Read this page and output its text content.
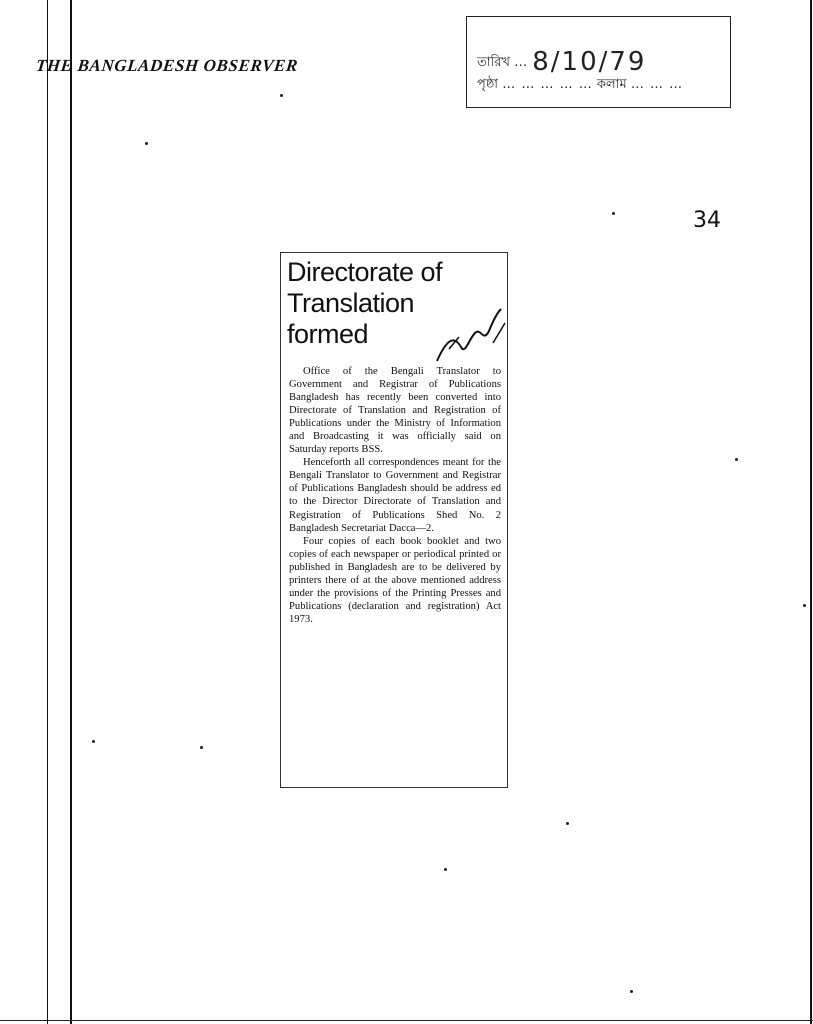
THE BANGLADESH OBSERVER	তারিখ … 8/10/79
পৃষ্ঠা … … … … … কলাম … … …
34
Directorate of
Translation
formed

Office of the Bengali Translator to Government and Registrar of Publications Bangladesh has recently been converted into Directorate of Translation and Registration of Publications under the Ministry of Information and Broadcasting it was officially said on Saturday reports BSS.

Henceforth all correspondences meant for the Bengali Translator to Government and Registrar of Publications Bangladesh should be address ed to the Director Directorate of Translation and Registration of Publications Shed No. 2 Bangladesh Secretariat Dacca—2.

Four copies of each book booklet and two copies of each newspaper or periodical printed or published in Bangladesh are to be delivered by printers there of at the above mentioned address under the provisions of the Printing Presses and Publications (declaration and registration) Act 1973.
